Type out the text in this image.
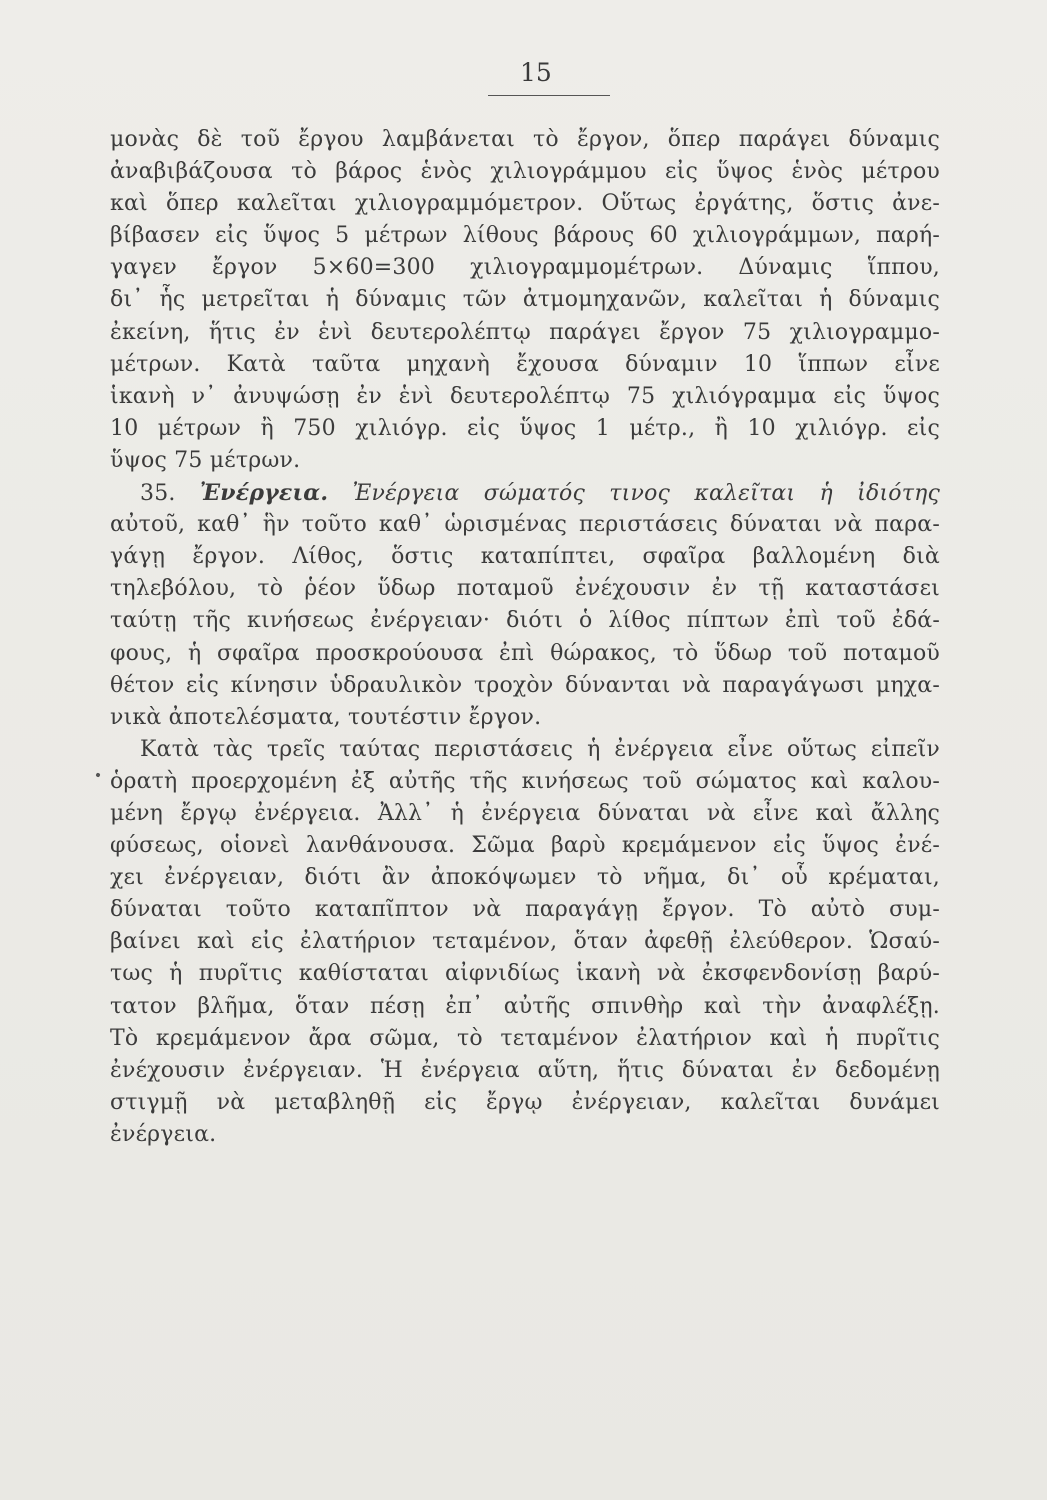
15
μονὰς δὲ τοῦ ἔργου λαμβάνεται τὸ ἔργον, ὅπερ παράγει δύναμις
ἀναβιβάζουσα τὸ βάρος ἑνὸς χιλιογράμμου εἰς ὕψος ἑνὸς μέτρου
καὶ ὅπερ καλεῖται χιλιογραμμόμετρον. Οὕτως ἐργάτης, ὅστις ἀνε-
βίβασεν εἰς ὕψος 5 μέτρων λίθους βάρους 60 χιλιογράμμων, παρή-
γαγεν ἔργον 5×60=300 χιλιογραμμομέτρων. Δύναμις ἵππου,
δι᾽ ἧς μετρεῖται ἡ δύναμις τῶν ἀτμομηχανῶν, καλεῖται ἡ δύναμις
ἐκείνη, ἥτις ἐν ἑνὶ δευτερολέπτῳ παράγει ἔργον 75 χιλιογραμμο-
μέτρων. Κατὰ ταῦτα μηχανὴ ἔχουσα δύναμιν 10 ἵππων εἶνε
ἱκανὴ ν᾽ ἀνυψώσῃ ἐν ἑνὶ δευτερολέπτῳ 75 χιλιόγραμμα εἰς ὕψος
10 μέτρων ἢ 750 χιλιόγρ. εἰς ὕψος 1 μέτρ., ἢ 10 χιλιόγρ. εἰς
ὕψος 75 μέτρων.
35. Ἐνέργεια. Ἐνέργεια σώματός τινος καλεῖται ἡ ἰδιότης
αὐτοῦ, καθ᾽ ἣν τοῦτο καθ᾽ ὡρισμένας περιστάσεις δύναται νὰ παρα-
γάγῃ ἔργον. Λίθος, ὅστις καταπίπτει, σφαῖρα βαλλομένη διὰ
τηλεβόλου, τὸ ῥέον ὕδωρ ποταμοῦ ἐνέχουσιν ἐν τῇ καταστάσει
ταύτῃ τῆς κινήσεως ἐνέργειαν· διότι ὁ λίθος πίπτων ἐπὶ τοῦ ἐδά-
φους, ἡ σφαῖρα προσκρούουσα ἐπὶ θώρακος, τὸ ὕδωρ τοῦ ποταμοῦ
θέτον εἰς κίνησιν ὑδραυλικὸν τροχὸν δύνανται νὰ παραγάγωσι μηχα-
νικὰ ἀποτελέσματα, τουτέστιν ἔργον.
Κατὰ τὰς τρεῖς ταύτας περιστάσεις ἡ ἐνέργεια εἶνε οὕτως εἰπεῖν
ὁρατὴ προερχομένη ἐξ αὐτῆς τῆς κινήσεως τοῦ σώματος καὶ καλου-
μένη ἔργῳ ἐνέργεια. Ἀλλ᾽ ἡ ἐνέργεια δύναται νὰ εἶνε καὶ ἄλλης
φύσεως, οἱονεὶ λανθάνουσα. Σῶμα βαρὺ κρεμάμενον εἰς ὕψος ἐνέ-
χει ἐνέργειαν, διότι ἂν ἀποκόψωμεν τὸ νῆμα, δι᾽ οὗ κρέμαται,
δύναται τοῦτο καταπῖπτον νὰ παραγάγῃ ἔργον. Τὸ αὐτὸ συμ-
βαίνει καὶ εἰς ἐλατήριον τεταμένον, ὅταν ἀφεθῇ ἐλεύθερον. Ὡσαύ-
τως ἡ πυρῖτις καθίσταται αἰφνιδίως ἱκανὴ νὰ ἐκσφενδονίσῃ βαρύ-
τατον βλῆμα, ὅταν πέσῃ ἐπ᾽ αὐτῆς σπινθὴρ καὶ τὴν ἀναφλέξῃ.
Τὸ κρεμάμενον ἄρα σῶμα, τὸ τεταμένον ἐλατήριον καὶ ἡ πυρῖτις
ἐνέχουσιν ἐνέργειαν. Ἡ ἐνέργεια αὕτη, ἥτις δύναται ἐν δεδομένῃ
στιγμῇ νὰ μεταβληθῇ εἰς ἔργῳ ἐνέργειαν, καλεῖται δυνάμει
ἐνέργεια.
